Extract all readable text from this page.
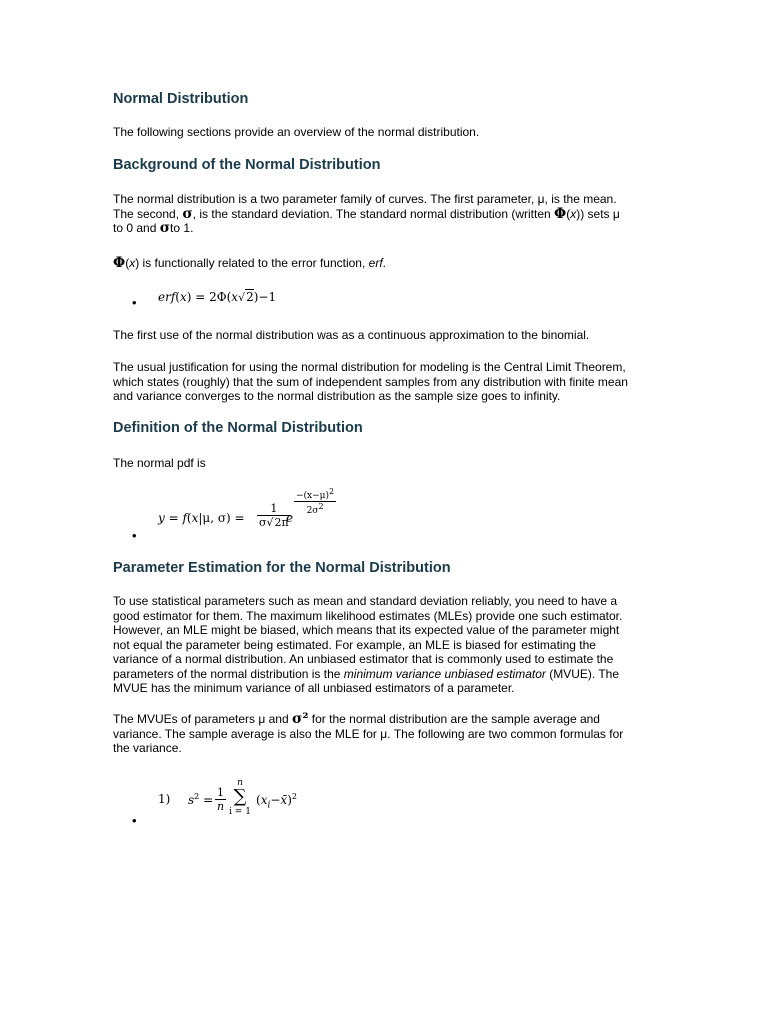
Normal Distribution

The following sections provide an overview of the normal distribution.

Background of the Normal Distribution

The normal distribution is a two parameter family of curves. The first parameter, μ, is the mean.
The second, σ, is the standard deviation. The standard normal distribution (written Φ(x)) sets μ
to 0 and σto 1.

Φ(x) is functionally related to the error function, erf.

• erf(x) = 2Φ(x√2)−1

The first use of the normal distribution was as a continuous approximation to the binomial.

The usual justification for using the normal distribution for modeling is the Central Limit Theorem,
which states (roughly) that the sum of independent samples from any distribution with finite mean
and variance converges to the normal distribution as the sample size goes to infinity.

Definition of the Normal Distribution

The normal pdf is

•
y = f(x|μ, $\sigma) = \frac{1}{\sigma√2\pi}$
e
$\frac{-(x-\mu)^2}{2\sigma^2}$
Parameter Estimation for the Normal Distribution

To use statistical parameters such as mean and standard deviation reliably, you need to have a
good estimator for them. The maximum likelihood estimates (MLEs) provide one such estimator.
However, an MLE might be biased, which means that its expected value of the parameter might
not equal the parameter being estimated. For example, an MLE is biased for estimating the
variance of a normal distribution. An unbiased estimator that is commonly used to estimate the
parameters of the normal distribution is the minimum variance unbiased estimator (MVUE). The
MVUE has the minimum variance of all unbiased estimators of a parameter.

The MVUEs of parameters μ and σ² for the normal distribution are the sample average and
variance. The sample average is also the MLE for μ. The following are two common formulas for
the variance.

•
1) $s^2 = \frac{1}{n}$
n
∑
i = 1
$(x_i-x̄)^2$
